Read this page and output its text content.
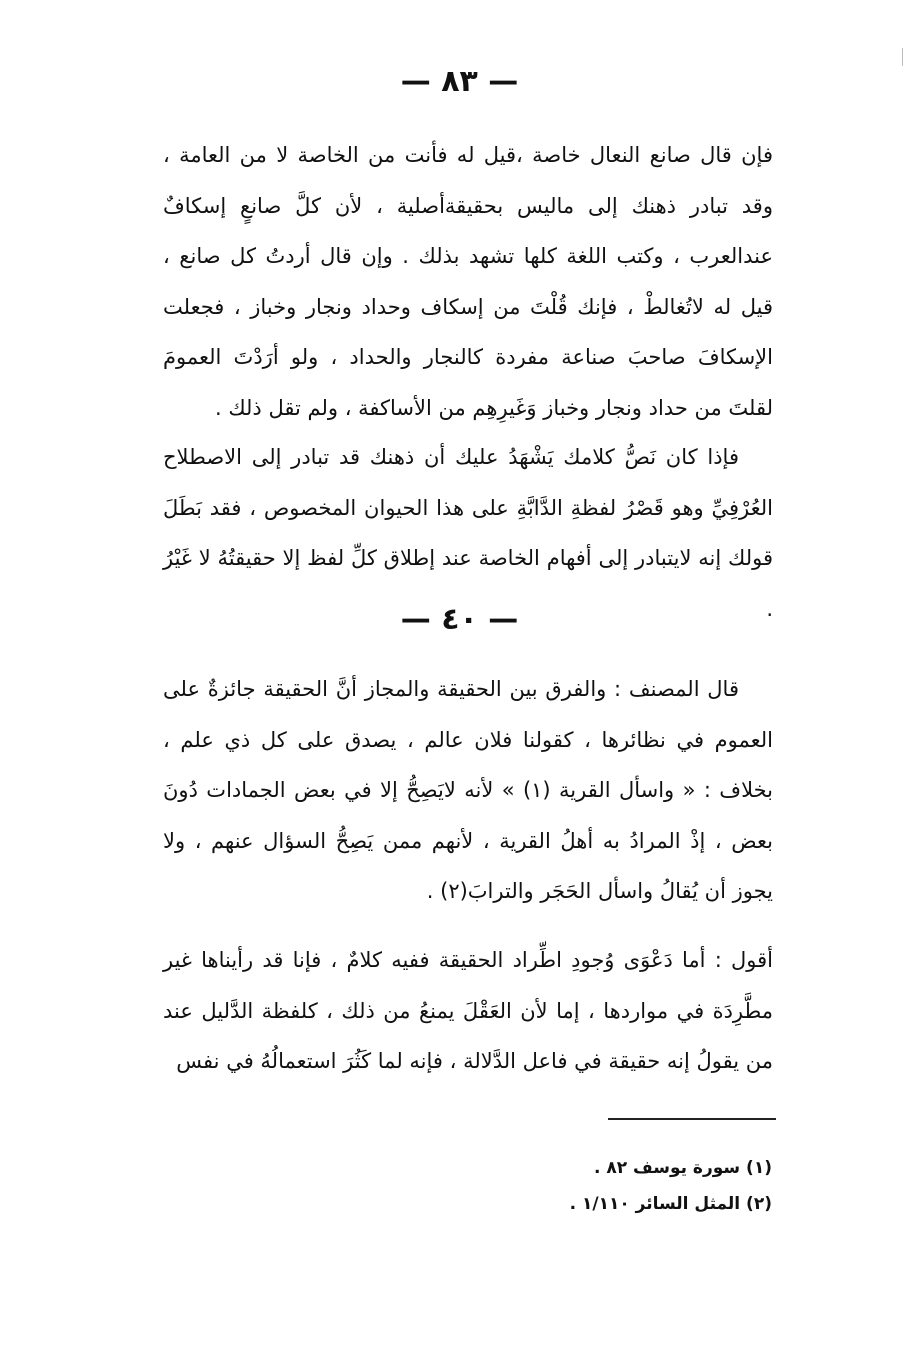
— ٨٣ —

فإن قال صانع النعال خاصة ،قيل له فأنت من الخاصة لا من العامة ، وقد تبادر ذهنك إلى ماليس بحقيقةأصلية ، لأن كلَّ صانعٍ إسكافٌ عندالعرب ، وكتب اللغة كلها تشهد بذلك . وإن قال أردتُ كل صانع ، قيل له لاتُغالطْ ، فإنك قُلْتَ من إسكاف وحداد ونجار وخباز ، فجعلت الإسكافَ صاحبَ صناعة مفردة كالنجار والحداد ، ولو أرَدْتَ العمومَ لقلتَ من حداد ونجار وخباز وَغَيرِهِم من الأساكفة ، ولم تقل ذلك .

فإذا كان نَصُّ كلامك يَشْهَدُ عليك أن ذهنك قد تبادر إلى الاصطلاح العُرْفِيِّ وهو قَصْرُ لفظةِ الدَّابَّةِ على هذا الحيوان المخصوص ، فقد بَطَلَ قولك إنه لايتبادر إلى أفهام الخاصة عند إطلاق كلِّ لفظ إلا حقيقتُهُ لا غَيْرُ .

— ٤٠ —

قال المصنف : والفرق بين الحقيقة والمجاز أنَّ الحقيقة جائزةٌ على العموم في نظائرها ، كقولنا فلان عالم ، يصدق على كل ذي علم ، بخلاف : « واسأل القرية (١) » لأنه لايَصِحُّ إلا في بعض الجمادات دُونَ بعض ، إذْ المرادُ به أهلُ القرية ، لأنهم ممن يَصِحُّ السؤال عنهم ، ولا يجوز أن يُقالُ واسأل الحَجَر والترابَ(٢) .

أقول : أما دَعْوَى وُجودِ اطِّراد الحقيقة ففيه كلامٌ ، فإنا قد رأيناها غير مطَّرِدَة في مواردها ، إما لأن العَقْلَ يمنعُ من ذلك ، كلفظة الدَّليل عند من يقولُ إنه حقيقة في فاعل الدَّلالة ، فإنه لما كَثُرَ استعمالُهُ في نفس

(١) سورة يوسف ٨٢ .
(٢) المثل السائر ١/١١٠ .
